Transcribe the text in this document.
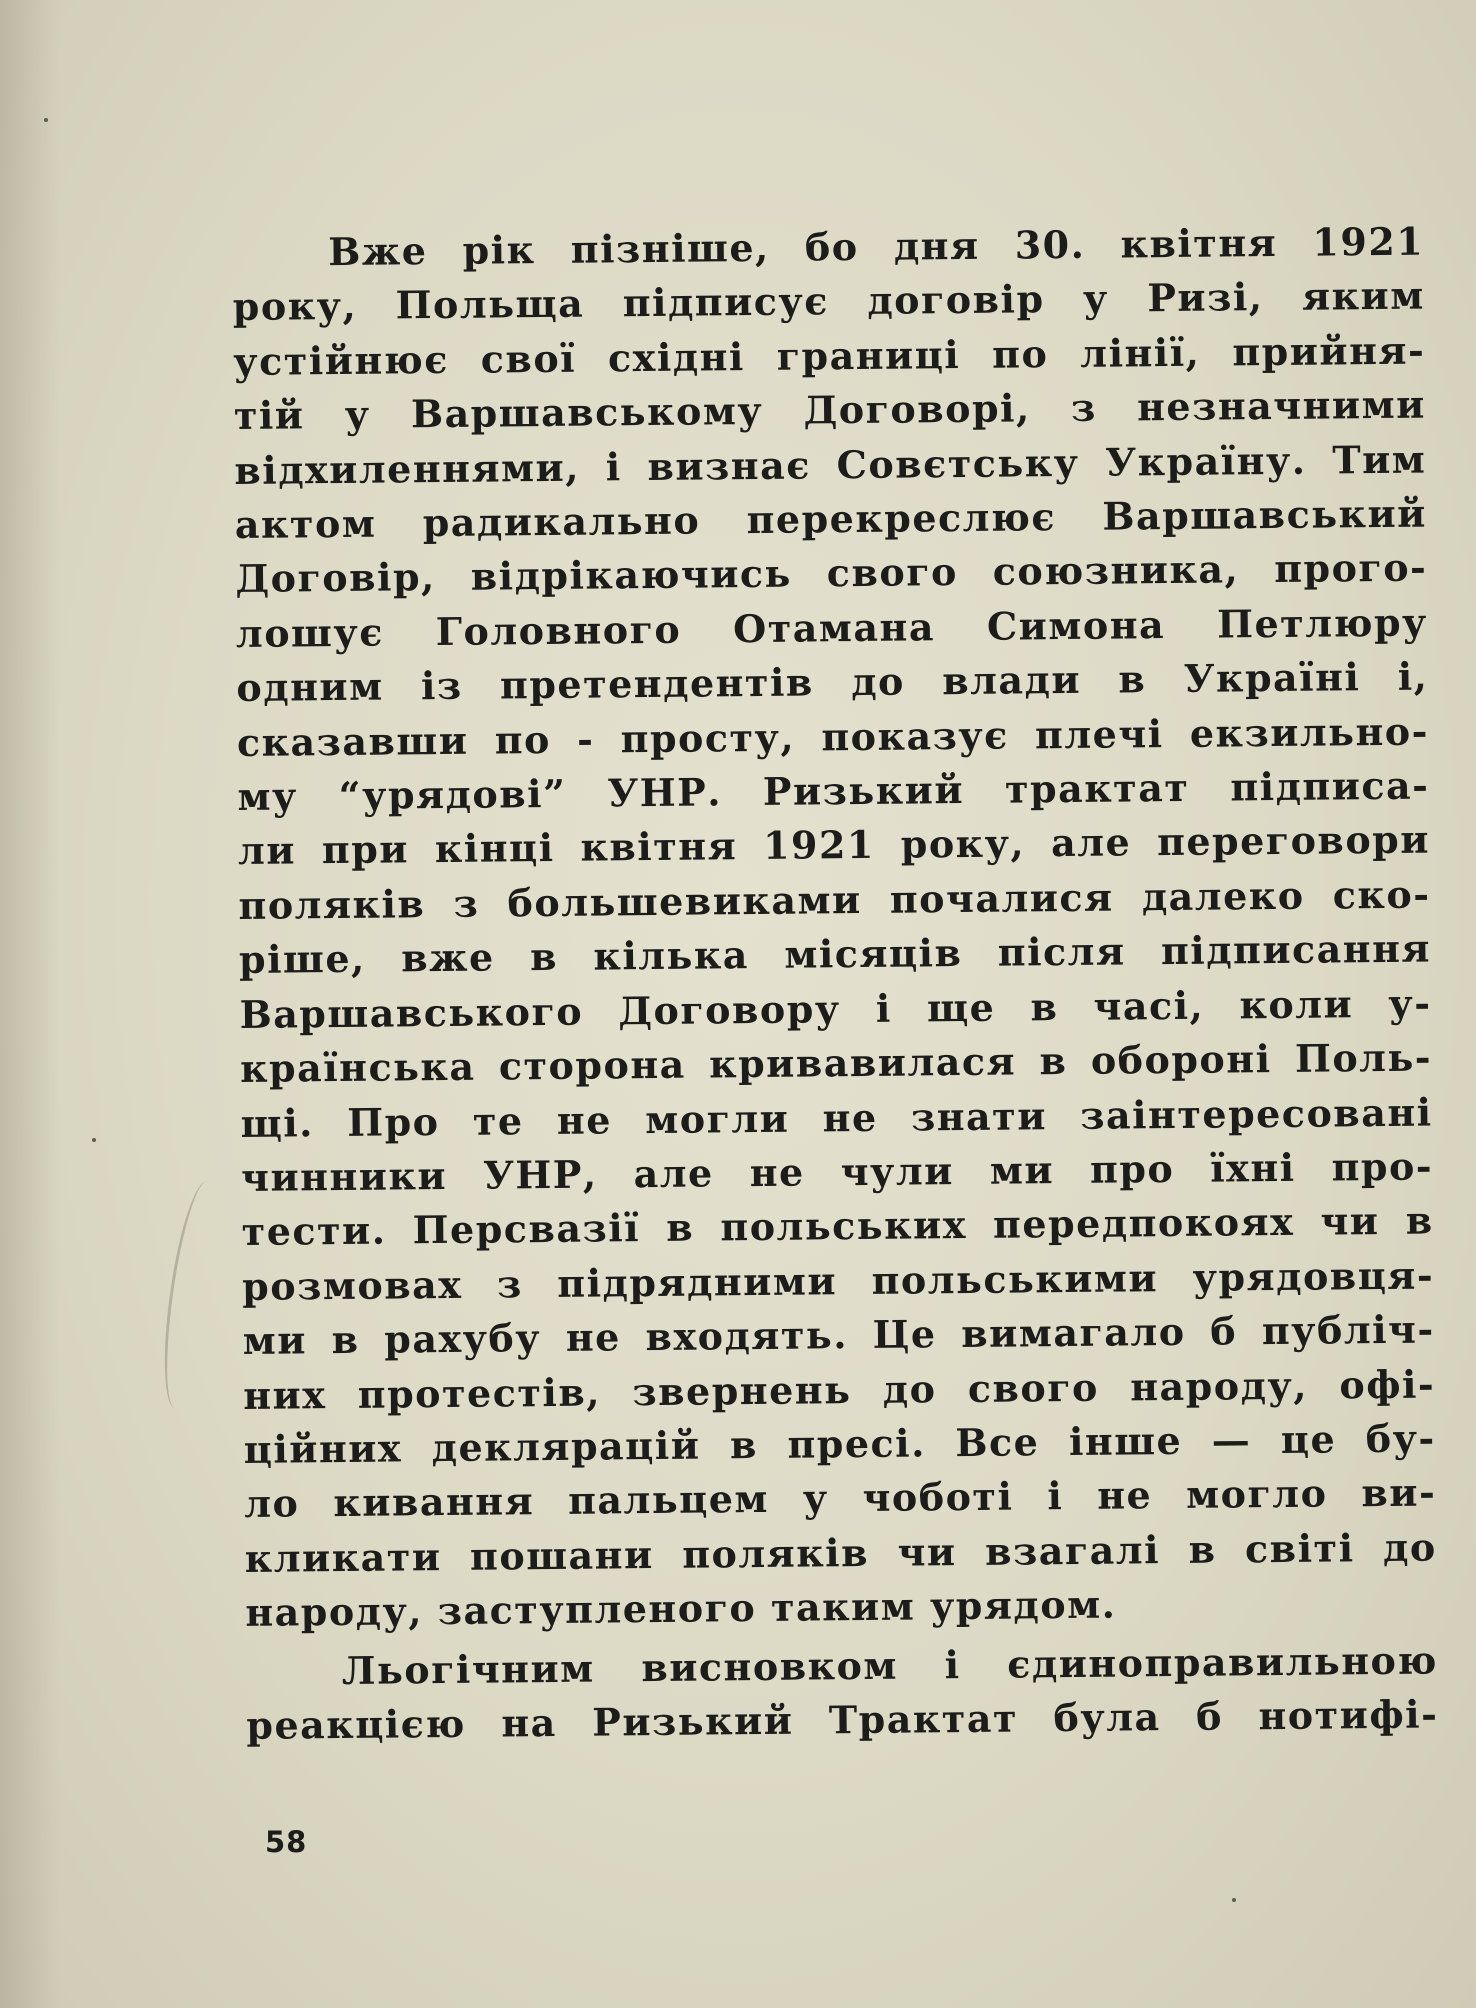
Вже рік пізніше, бо дня 30. квітня 1921
року, Польща підписує договір у Ризі, яким
устійнює свої східні границі по лінії, прийня-
тій у Варшавському Договорі, з незначними
відхиленнями, і визнає Совєтську Україну. Тим
актом радикально перекреслює Варшавський
Договір, відрікаючись свого союзника, прого-
лошує Головного Отамана Симона Петлюру
одним із претендентів до влади в Україні і,
сказавши по - просту, показує плечі екзильно-
му “урядові” УНР. Ризький трактат підписа-
ли при кінці квітня 1921 року, але переговори
поляків з большевиками почалися далеко ско-
ріше, вже в кілька місяців після підписання
Варшавського Договору і ще в часі, коли у-
країнська сторона кривавилася в обороні Поль-
щі. Про те не могли не знати заінтересовані
чинники УНР, але не чули ми про їхні про-
тести. Персвазії в польських передпокоях чи в
розмовах з підрядними польськими урядовця-
ми в рахубу не входять. Це вимагало б публіч-
них протестів, звернень до свого народу, офі-
ційних декляpацій в пресі. Все інше — це бу-
ло кивання пальцем у чоботі і не могло ви-
кликати пошани поляків чи взагалі в світі до
народу, заступленого таким урядом.
Льогічним висновком і єдиноправильною
реакцією на Ризький Трактат була б нотифі-
58
